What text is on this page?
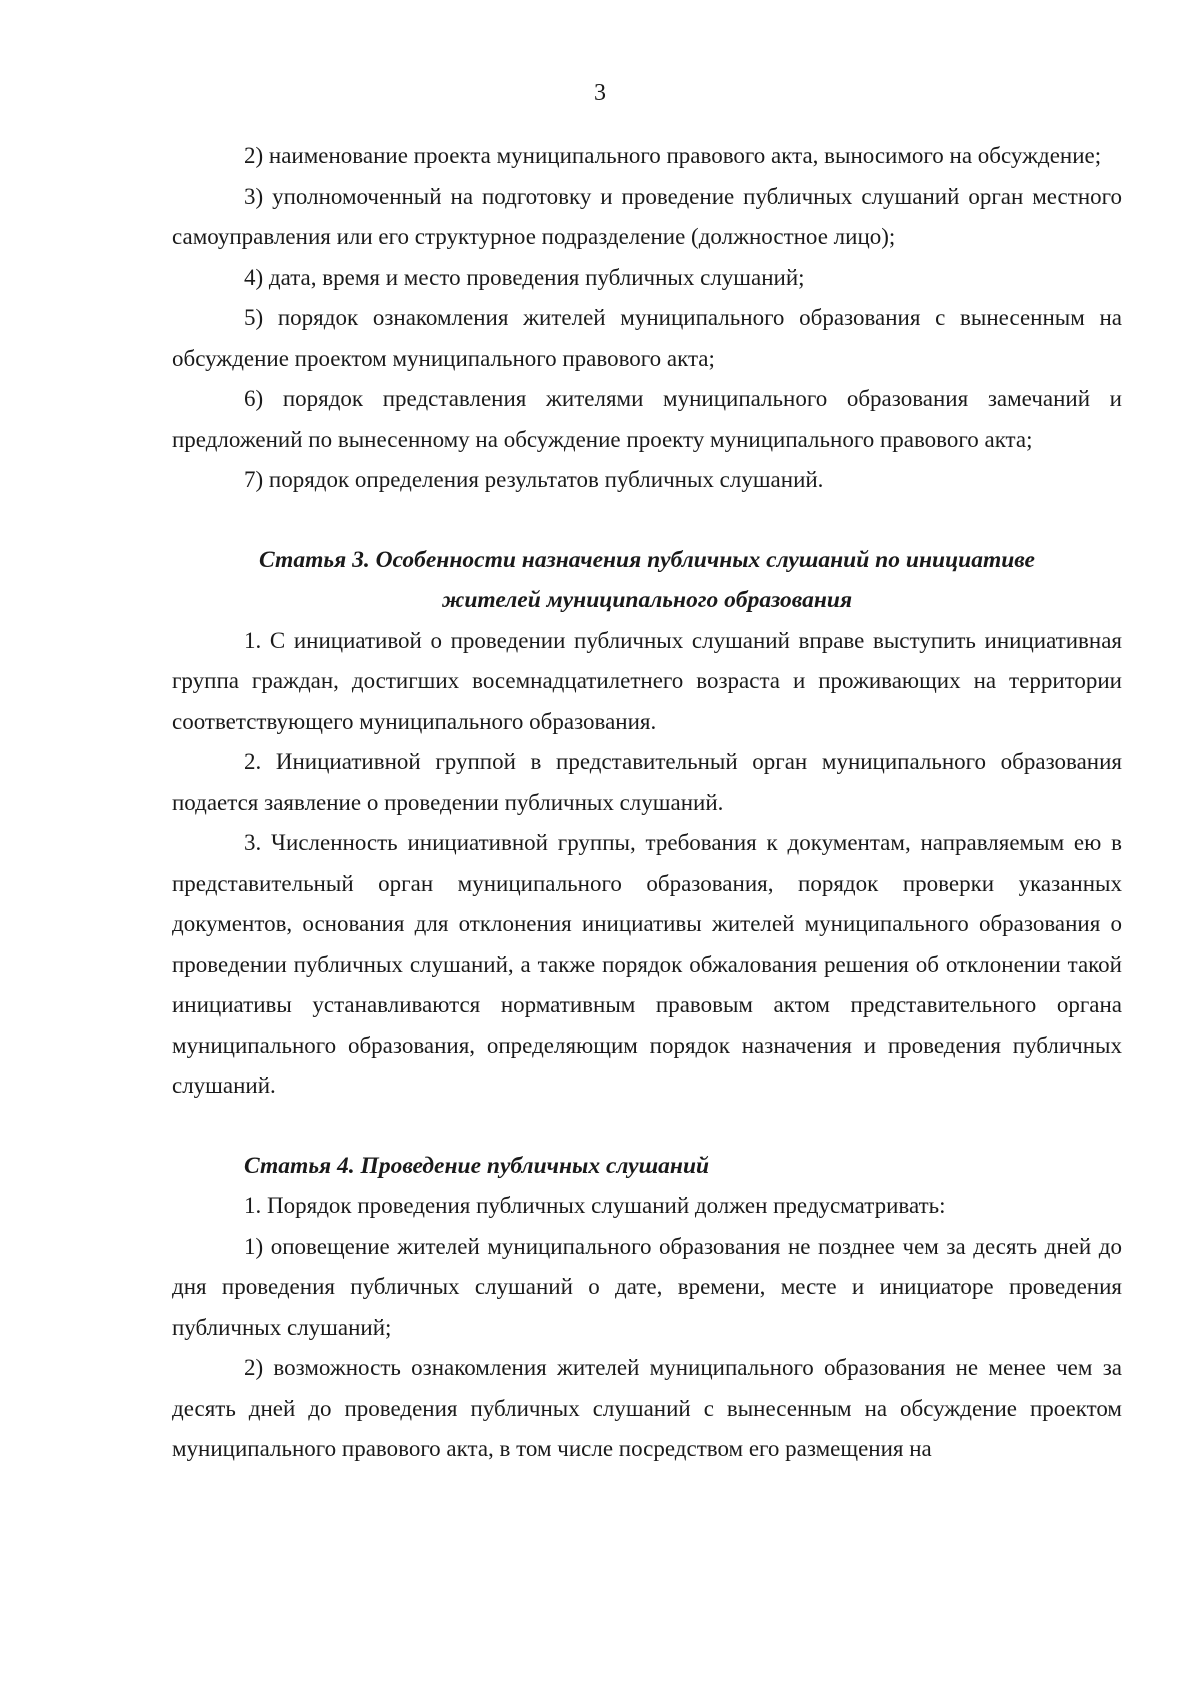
3

2) наименование проекта муниципального правового акта, выносимого на обсуждение;

3) уполномоченный на подготовку и проведение публичных слушаний орган местного самоуправления или его структурное подразделение (должностное лицо);

4) дата, время и место проведения публичных слушаний;

5) порядок ознакомления жителей муниципального образования с вынесенным на обсуждение проектом муниципального правового акта;

6) порядок представления жителями муниципального образования замечаний и предложений по вынесенному на обсуждение проекту муниципального правового акта;

7) порядок определения результатов публичных слушаний.

Статья 3. Особенности назначения публичных слушаний по инициативе

жителей муниципального образования

1. С инициативой о проведении публичных слушаний вправе выступить инициативная группа граждан, достигших восемнадцатилетнего возраста и проживающих на территории соответствующего муниципального образования.

2. Инициативной группой в представительный орган муниципального образования подается заявление о проведении публичных слушаний.

3. Численность инициативной группы, требования к документам, направляемым ею в представительный орган муниципального образования, порядок проверки указанных документов, основания для отклонения инициативы жителей муниципального образования о проведении публичных слушаний, а также порядок обжалования решения об отклонении такой инициативы устанавливаются нормативным правовым актом представительного органа муниципального образования, определяющим порядок назначения и проведения публичных слушаний.

Статья 4. Проведение публичных слушаний

1. Порядок проведения публичных слушаний должен предусматривать:

1) оповещение жителей муниципального образования не позднее чем за десять дней до дня проведения публичных слушаний о дате, времени, месте и инициаторе проведения публичных слушаний;

2) возможность ознакомления жителей муниципального образования не менее чем за десять дней до проведения публичных слушаний с вынесенным на обсуждение проектом муниципального правового акта, в том числе посредством его размещения на
